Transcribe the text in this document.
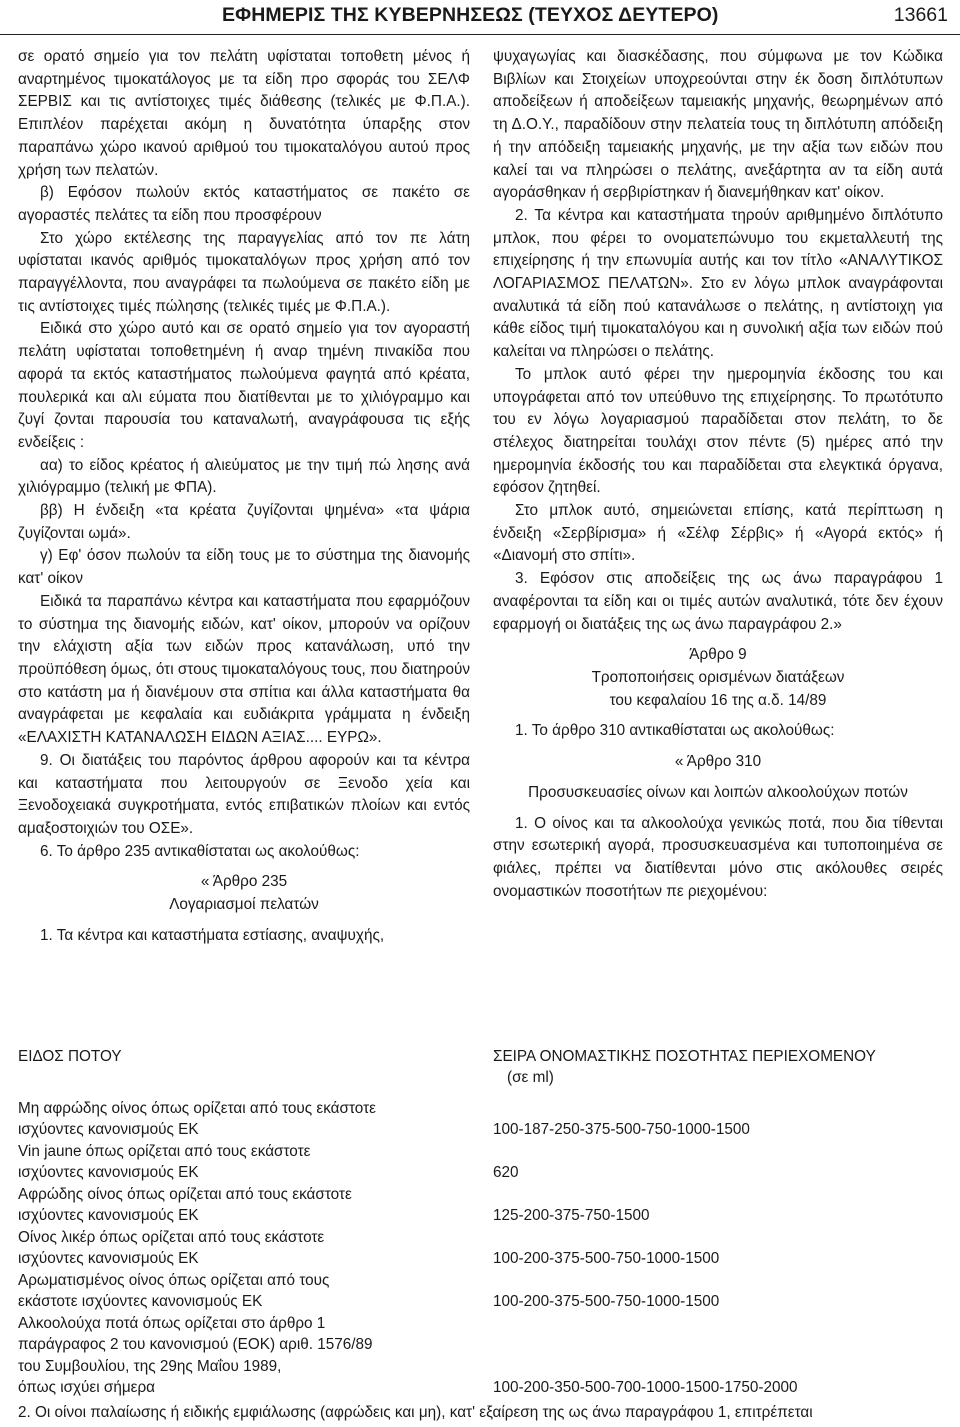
ΕΦΗΜΕΡΙΣ ΤΗΣ ΚΥΒΕΡΝΗΣΕΩΣ (ΤΕΥΧΟΣ ΔΕΥΤΕΡΟ)	13661

σε ορατό σημείο για τον πελάτη υφίσταται τοποθετη μένος ή αναρτημένος τιμοκατάλογος με τα είδη προ σφοράς του ΣΕΛΦ ΣΕΡΒΙΣ και τις αντίστοιχες τιμές διάθεσης (τελικές με Φ.Π.Α.). Επιπλέον παρέχεται ακόμη η δυνατότητα ύπαρξης στον παραπάνω χώρο ικανού αριθμού του τιμοκαταλόγου αυτού προς χρήση των πελατών.

β) Εφόσον πωλούν εκτός καταστήματος σε πακέτο σε αγοραστές πελάτες τα είδη που προσφέρουν

Στο χώρο εκτέλεσης της παραγγελίας από τον πε λάτη υφίσταται ικανός αριθμός τιμοκαταλόγων προς χρήση από τον παραγγέλλοντα, που αναγράφει τα πωλούμενα σε πακέτο είδη με τις αντίστοιχες τιμές πώλησης (τελικές τιμές με Φ.Π.Α.).

Ειδικά στο χώρο αυτό και σε ορατό σημείο για τον αγοραστή πελάτη υφίσταται τοποθετημένη ή αναρ τημένη πινακίδα που αφορά τα εκτός καταστήματος πωλούμενα φαγητά από κρέατα, πουλερικά και αλι εύματα που διατίθενται με το χιλιόγραμμο και ζυγί ζονται παρουσία του καταναλωτή, αναγράφουσα τις εξής ενδείξεις :

αα) το είδος κρέατος ή αλιεύματος με την τιμή πώ λησης ανά χιλιόγραμμο (τελική με ΦΠΑ).

ββ) Η ένδειξη «τα κρέατα ζυγίζονται ψημένα» «τα ψάρια ζυγίζονται ωμά».

γ) Εφ' όσον πωλούν τα είδη τους με το σύστημα της διανομής κατ' οίκον

Ειδικά τα παραπάνω κέντρα και καταστήματα που εφαρμόζουν το σύστημα της διανομής ειδών, κατ' οίκον, μπορούν να ορίζουν την ελάχιστη αξία των ειδών προς κατανάλωση, υπό την προϋπόθεση όμως, ότι στους τιμοκαταλόγους τους, που διατηρούν στο κατάστη μα ή διανέμουν στα σπίτια και άλλα καταστήματα θα αναγράφεται με κεφαλαία και ευδιάκριτα γράμματα η ένδειξη «ΕΛΑΧΙΣΤΗ ΚΑΤΑΝΑΛΩΣΗ ΕΙΔΩΝ ΑΞΙΑΣ.... ΕΥΡΩ».

9. Οι διατάξεις του παρόντος άρθρου αφορούν και τα κέντρα και καταστήματα που λειτουργούν σε Ξενοδο χεία και Ξενοδοχειακά συγκροτήματα, εντός επιβατικών πλοίων και εντός αμαξοστοιχιών του ΟΣΕ».

6. Το άρθρο 235 αντικαθίσταται ως ακολούθως:

« Άρθρο 235

Λογαριασμοί πελατών

1. Τα κέντρα και καταστήματα εστίασης, αναψυχής,

ψυχαγωγίας και διασκέδασης, που σύμφωνα με τον Κώδικα Βιβλίων και Στοιχείων υποχρεούνται στην έκ δοση διπλότυπων αποδείξεων ή αποδείξεων ταμειακής μηχανής, θεωρημένων από τη Δ.Ο.Υ., παραδίδουν στην πελατεία τους τη διπλότυπη απόδειξη ή την απόδειξη ταμειακής μηχανής, με την αξία των ειδών που καλεί ται να πληρώσει ο πελάτης, ανεξάρτητα αν τα είδη αυτά αγοράσθηκαν ή σερβιρίστηκαν ή διανεμήθηκαν κατ' οίκον.

2. Τα κέντρα και καταστήματα τηρούν αριθμημένο διπλότυπο μπλοκ, που φέρει το ονοματεπώνυμο του εκμεταλλευτή της επιχείρησης ή την επωνυμία αυτής και τον τίτλο «ΑΝΑΛΥΤΙΚΟΣ ΛΟΓΑΡΙΑΣΜΟΣ ΠΕΛΑΤΩΝ». Στο εν λόγω μπλοκ αναγράφονται αναλυτικά τά είδη πού κατανάλωσε ο πελάτης, η αντίστοιχη για κάθε είδος τιμή τιμοκαταλόγου και η συνολική αξία των ειδών πού καλείται να πληρώσει ο πελάτης.

Το μπλοκ αυτό φέρει την ημερομηνία έκδοσης του και υπογράφεται από τον υπεύθυνο της επιχείρησης. Το πρωτότυπο του εν λόγω λογαριασμού παραδίδεται στον πελάτη, το δε στέλεχος διατηρείται τουλάχι στον πέντε (5) ημέρες από την ημερομηνία έκδοσής του και παραδίδεται στα ελεγκτικά όργανα, εφόσον ζητηθεί.

Στο μπλοκ αυτό, σημειώνεται επίσης, κατά περίπτωση η ένδειξη «Σερβίρισμα» ή «Σέλφ Σέρβις» ή «Αγορά εκτός» ή «Διανομή στο σπίτι».

3. Εφόσον στις αποδείξεις της ως άνω παραγράφου 1 αναφέρονται τα είδη και οι τιμές αυτών αναλυτικά, τότε δεν έχουν εφαρμογή οι διατάξεις της ως άνω παραγράφου 2.»

Άρθρο 9

Τροποποιήσεις ορισμένων διατάξεων

του κεφαλαίου 16 της α.δ. 14/89

1. Το άρθρο 310 αντικαθίσταται ως ακολούθως:

« Άρθρο 310

Προσυσκευασίες οίνων και λοιπών αλκοολούχων ποτών

1. Ο οίνος και τα αλκοολούχα γενικώς ποτά, που δια τίθενται στην εσωτερική αγορά, προσυσκευασμένα και τυποποιημένα σε φιάλες, πρέπει να διατίθενται μόνο στις ακόλουθες σειρές ονομαστικών ποσοτήτων πε ριεχομένου:

ΕΙΔΟΣ ΠΟΤΟΥ	ΣΕΙΡΑ ΟΝΟΜΑΣΤΙΚΗΣ ΠΟΣΟΤΗΤΑΣ ΠΕΡΙΕΧΟΜΕΝΟΥ
(σε ml)
Μη αφρώδης οίνος όπως ορίζεται από τους εκάστοτε
ισχύοντες κανονισμούς ΕΚ	100-187-250-375-500-750-1000-1500
Vin jaune όπως ορίζεται από τους εκάστοτε
ισχύοντες κανονισμούς ΕΚ	620
Αφρώδης οίνος όπως ορίζεται από τους εκάστοτε
ισχύοντες κανονισμούς ΕΚ	125-200-375-750-1500
Οίνος λικέρ όπως ορίζεται από τους εκάστοτε
ισχύοντες κανονισμούς ΕΚ	100-200-375-500-750-1000-1500
Αρωματισμένος οίνος όπως ορίζεται από τους
εκάστοτε ισχύοντες κανονισμούς ΕΚ	100-200-375-500-750-1000-1500
Αλκοολούχα ποτά όπως ορίζεται στο άρθρο 1
παράγραφος 2 του κανονισμού (ΕΟΚ) αριθ. 1576/89
του Συμβουλίου, της 29ης Μαΐου 1989,
όπως ισχύει σήμερα	100-200-350-500-700-1000-1500-1750-2000
2. Οι οίνοι παλαίωσης ή ειδικής εμφιάλωσης (αφρώδεις και μη), κατ' εξαίρεση της ως άνω παραγράφου 1, επιτρέπεται
